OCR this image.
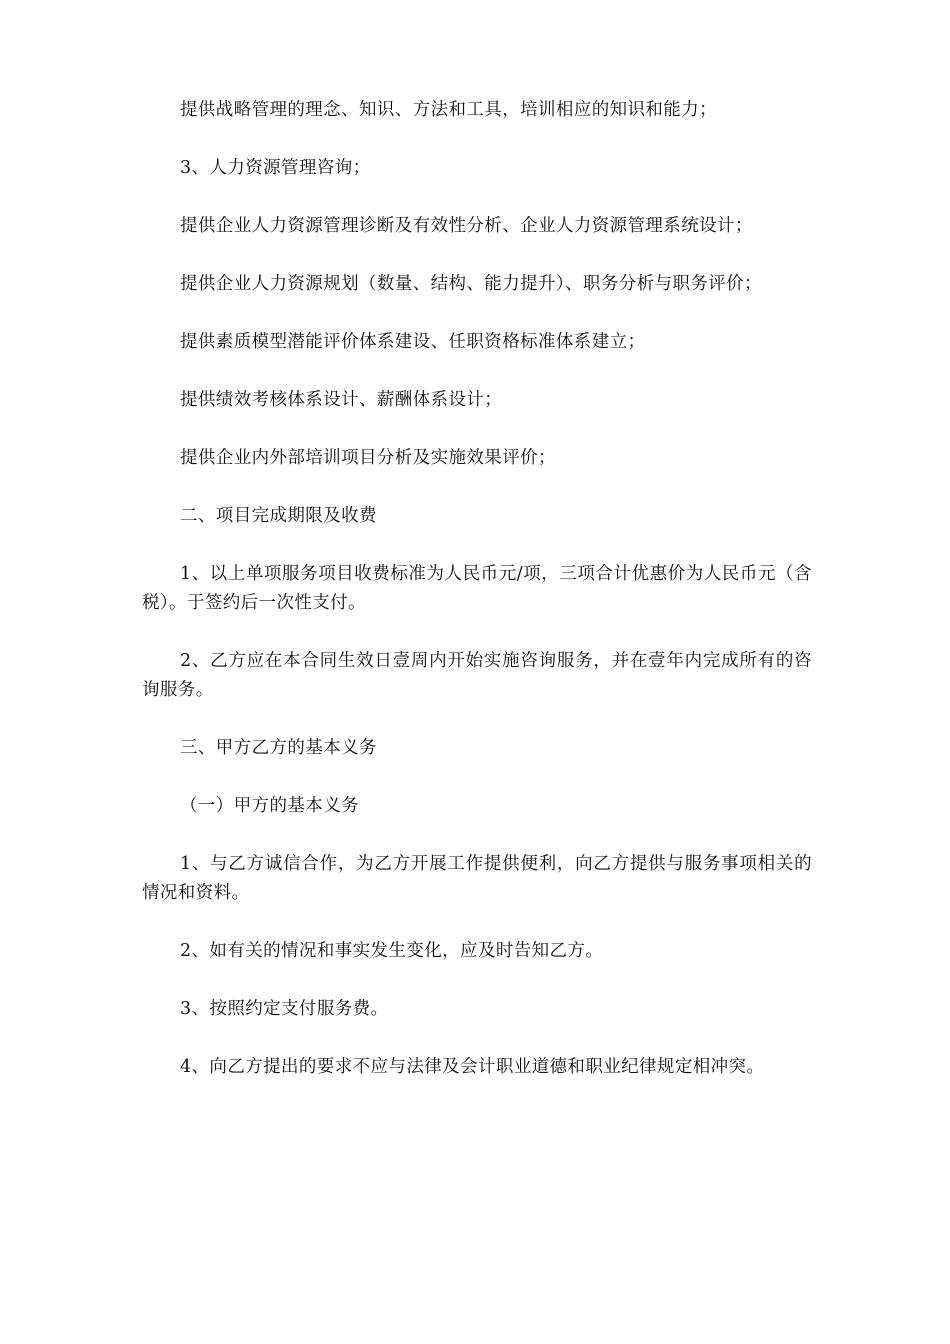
提供战略管理的理念、知识、方法和工具，培训相应的知识和能力；

3、人力资源管理咨询；

提供企业人力资源管理诊断及有效性分析、企业人力资源管理系统设计；

提供企业人力资源规划（数量、结构、能力提升）、职务分析与职务评价；

提供素质模型潜能评价体系建设、任职资格标准体系建立；

提供绩效考核体系设计、薪酬体系设计；

提供企业内外部培训项目分析及实施效果评价；

二、项目完成期限及收费

1、以上单项服务项目收费标准为人民币元/项，三项合计优惠价为人民币元（含税）。于签约后一次性支付。

2、乙方应在本合同生效日壹周内开始实施咨询服务，并在壹年内完成所有的咨询服务。

三、甲方乙方的基本义务

（一）甲方的基本义务

1、与乙方诚信合作，为乙方开展工作提供便利，向乙方提供与服务事项相关的情况和资料。

2、如有关的情况和事实发生变化，应及时告知乙方。

3、按照约定支付服务费。

4、向乙方提出的要求不应与法律及会计职业道德和职业纪律规定相冲突。
